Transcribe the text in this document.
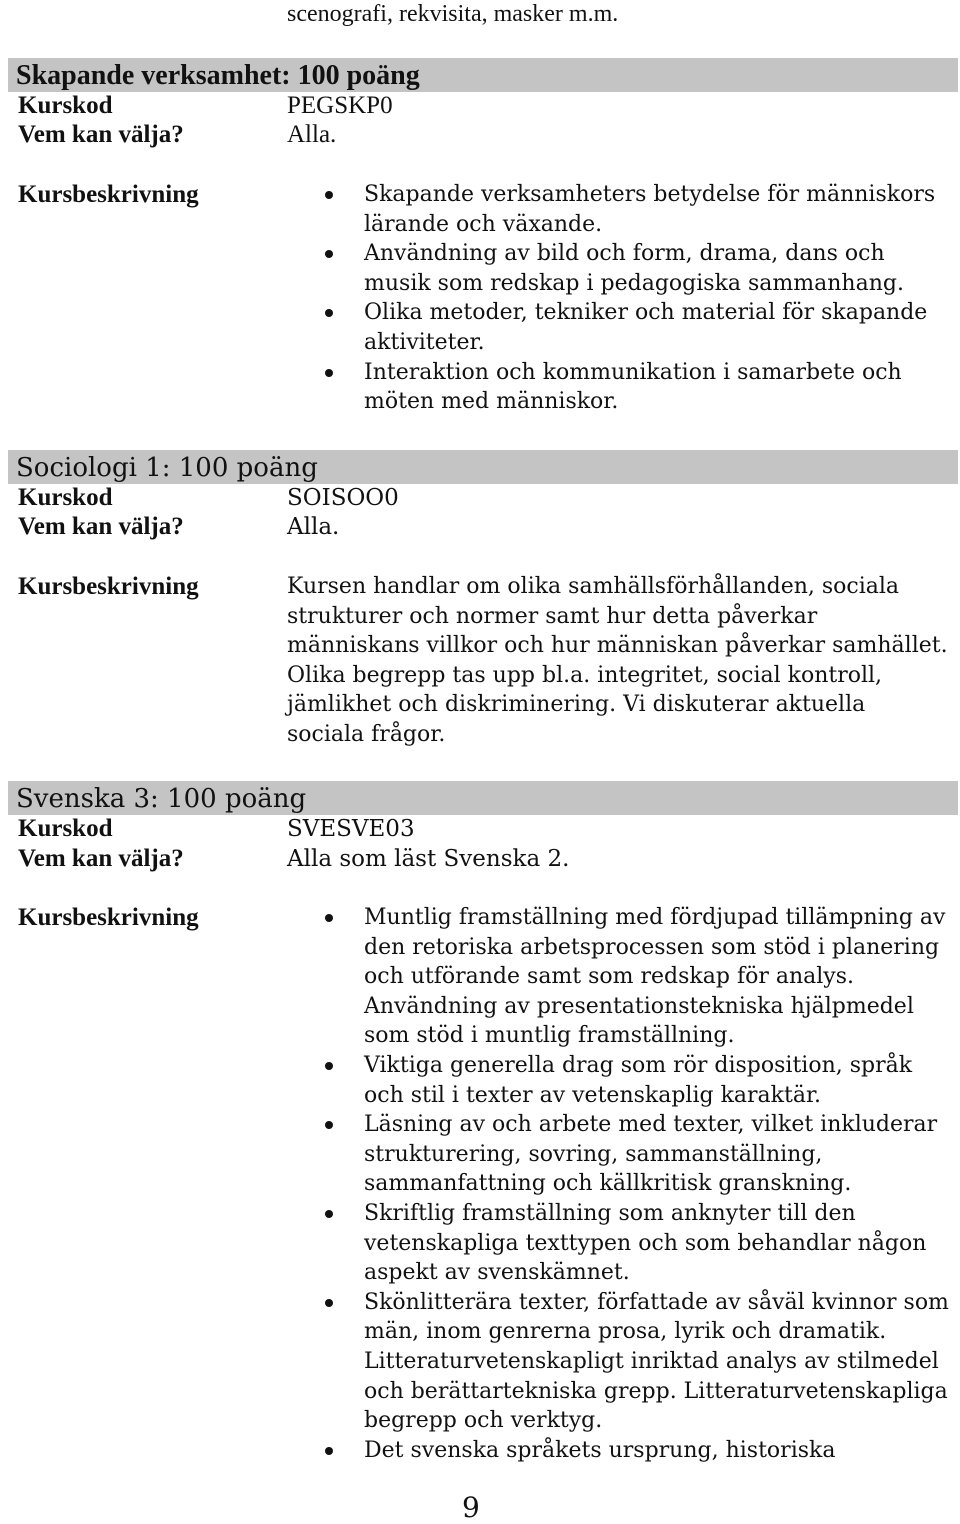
scenografi, rekvisita, masker m.m.
Skapande verksamhet: 100 poäng
Kurskod	PEGSKP0
Vem kan välja?	Alla.
Kursbeskrivning	Skapande verksamheters betydelse för människors lärande och växande.
Användning av bild och form, drama, dans och musik som redskap i pedagogiska sammanhang.
Olika metoder, tekniker och material för skapande aktiviteter.
Interaktion och kommunikation i samarbete och möten med människor.
Sociologi 1: 100 poäng
Kurskod	SOISOO0
Vem kan välja?	Alla.
Kursbeskrivning	Kursen handlar om olika samhällsförhållanden, sociala strukturer och normer samt hur detta påverkar människans villkor och hur människan påverkar samhället. Olika begrepp tas upp bl.a. integritet, social kontroll, jämlikhet och diskriminering. Vi diskuterar aktuella sociala frågor.
Svenska 3: 100 poäng
Kurskod	SVESVE03
Vem kan välja?	Alla som läst Svenska 2.
Kursbeskrivning	Muntlig framställning med fördjupad tillämpning av den retoriska arbetsprocessen som stöd i planering och utförande samt som redskap för analys. Användning av presentationstekniska hjälpmedel som stöd i muntlig framställning.
Viktiga generella drag som rör disposition, språk och stil i texter av vetenskaplig karaktär.
Läsning av och arbete med texter, vilket inkluderar strukturering, sovring, sammanställning, sammanfattning och källkritisk granskning.
Skriftlig framställning som anknyter till den vetenskapliga texttypen och som behandlar någon aspekt av svenskämnet.
Skönlitterära texter, författade av såväl kvinnor som män, inom genrerna prosa, lyrik och dramatik. Litteraturvetenskapligt inriktad analys av stilmedel och berättartekniska grepp. Litteraturvetenskapliga begrepp och verktyg.
Det svenska språkets ursprung, historiska
9
